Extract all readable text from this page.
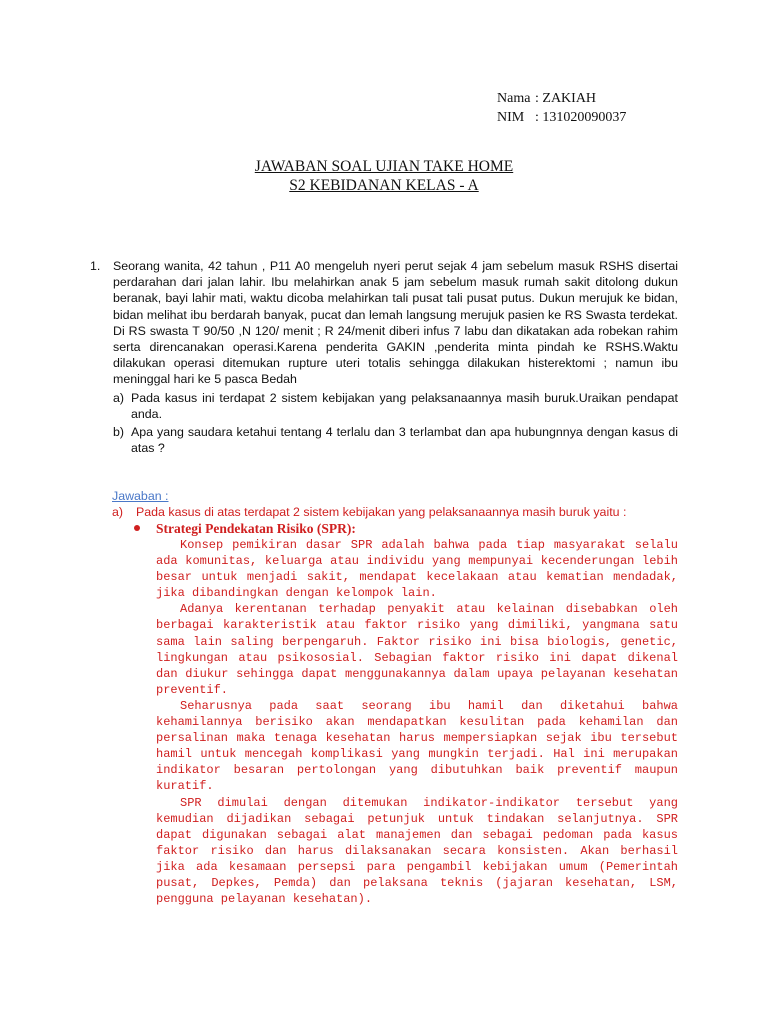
Nama : ZAKIAH
NIM : 131020090037
JAWABAN SOAL UJIAN TAKE HOME
S2 KEBIDANAN KELAS - A
1. Seorang wanita, 42 tahun , P11 A0 mengeluh nyeri perut sejak 4 jam sebelum masuk RSHS disertai perdarahan dari jalan lahir. Ibu melahirkan anak 5 jam sebelum masuk rumah sakit ditolong dukun beranak, bayi lahir mati, waktu dicoba melahirkan tali pusat tali pusat putus. Dukun merujuk ke bidan, bidan melihat ibu berdarah banyak, pucat dan lemah langsung merujuk pasien ke RS Swasta terdekat. Di RS swasta T 90/50 ,N 120/ menit ; R 24/menit diberi infus 7 labu dan dikatakan ada robekan rahim serta direncanakan operasi.Karena penderita GAKIN ,penderita minta pindah ke RSHS.Waktu dilakukan operasi ditemukan rupture uteri totalis sehingga dilakukan histerektomi ; namun ibu meninggal hari ke 5 pasca Bedah
a) Pada kasus ini terdapat 2 sistem kebijakan yang pelaksanaannya masih buruk.Uraikan pendapat anda.
b) Apa yang saudara ketahui tentang 4 terlalu dan 3 terlambat dan apa hubungnnya dengan kasus di atas ?
Jawaban :
a)	Pada kasus di atas terdapat 2 sistem kebijakan yang pelaksanaannya masih buruk yaitu :
Strategi Pendekatan Risiko (SPR):

Konsep pemikiran dasar SPR adalah bahwa pada tiap masyarakat selalu ada komunitas, keluarga atau individu yang mempunyai kecenderungan lebih besar untuk menjadi sakit, mendapat kecelakaan atau kematian mendadak, jika dibandingkan dengan kelompok lain.

Adanya kerentanan terhadap penyakit atau kelainan disebabkan oleh berbagai karakteristik atau faktor risiko yang dimiliki, yangmana satu sama lain saling berpengaruh. Faktor risiko ini bisa biologis, genetic, lingkungan atau psikososial. Sebagian faktor risiko ini dapat dikenal dan diukur sehingga dapat menggunakannya dalam upaya pelayanan kesehatan preventif.

Seharusnya pada saat seorang ibu hamil dan diketahui bahwa kehamilannya berisiko akan mendapatkan kesulitan pada kehamilan dan persalinan maka tenaga kesehatan harus mempersiapkan sejak ibu tersebut hamil untuk mencegah komplikasi yang mungkin terjadi. Hal ini merupakan indikator besaran pertolongan yang dibutuhkan baik preventif maupun kuratif.

SPR dimulai dengan ditemukan indikator-indikator tersebut yang kemudian dijadikan sebagai petunjuk untuk tindakan selanjutnya. SPR dapat digunakan sebagai alat manajemen dan sebagai pedoman pada kasus faktor risiko dan harus dilaksanakan secara konsisten. Akan berhasil jika ada kesamaan persepsi para pengambil kebijakan umum (Pemerintah pusat, Depkes, Pemda) dan pelaksana teknis (jajaran kesehatan, LSM, pengguna pelayanan kesehatan).
